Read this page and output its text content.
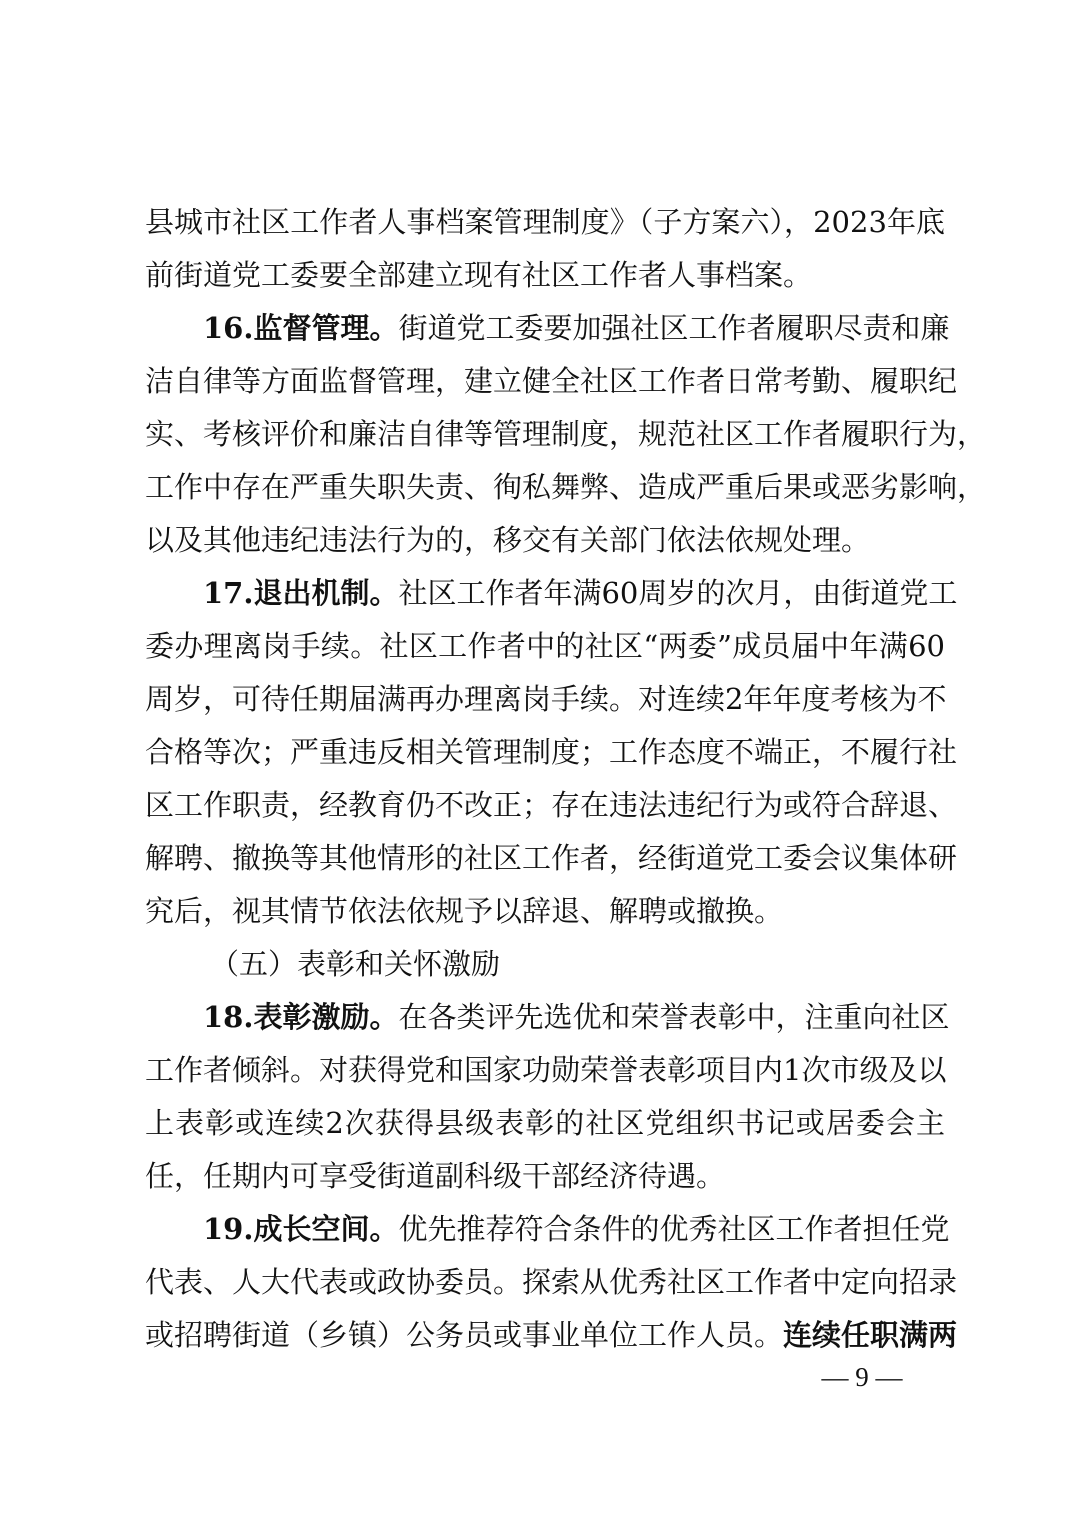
县城市社区工作者人事档案管理制度》（子方案六），2023年底
前街道党工委要全部建立现有社区工作者人事档案。
16.监督管理。街道党工委要加强社区工作者履职尽责和廉
洁自律等方面监督管理，建立健全社区工作者日常考勤、履职纪
实、考核评价和廉洁自律等管理制度，规范社区工作者履职行为，
工作中存在严重失职失责、徇私舞弊、造成严重后果或恶劣影响，
以及其他违纪违法行为的，移交有关部门依法依规处理。
17.退出机制。社区工作者年满60周岁的次月，由街道党工
委办理离岗手续。社区工作者中的社区“两委”成员届中年满60
周岁，可待任期届满再办理离岗手续。对连续2年年度考核为不
合格等次；严重违反相关管理制度；工作态度不端正，不履行社
区工作职责，经教育仍不改正；存在违法违纪行为或符合辞退、
解聘、撤换等其他情形的社区工作者，经街道党工委会议集体研
究后，视其情节依法依规予以辞退、解聘或撤换。
（五）表彰和关怀激励
18.表彰激励。在各类评先选优和荣誉表彰中，注重向社区
工作者倾斜。对获得党和国家功勋荣誉表彰项目内1次市级及以
上表彰或连续2次获得县级表彰的社区党组织书记或居委会主
任，任期内可享受街道副科级干部经济待遇。
19.成长空间。优先推荐符合条件的优秀社区工作者担任党
代表、人大代表或政协委员。探索从优秀社区工作者中定向招录
或招聘街道（乡镇）公务员或事业单位工作人员。连续任职满两
— 9 —
